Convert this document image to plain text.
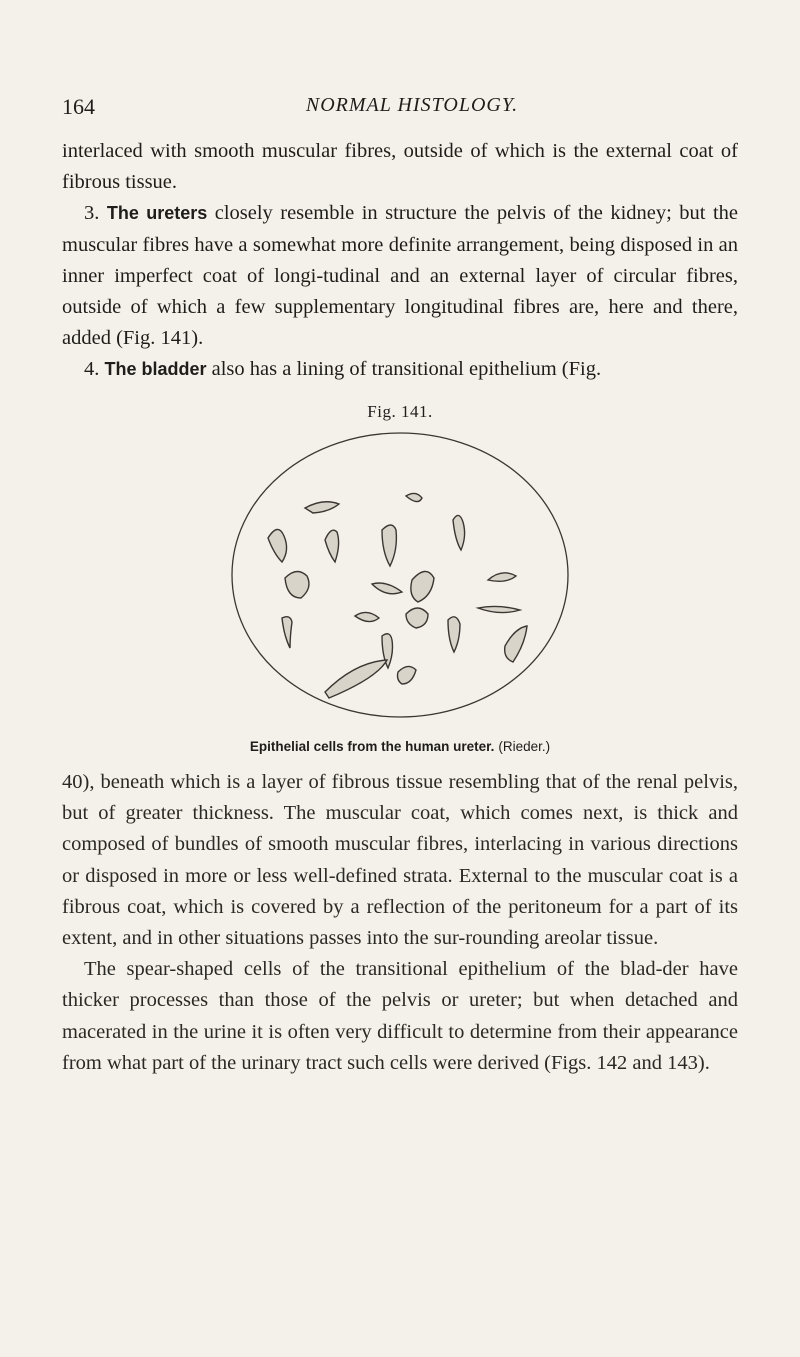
164	NORMAL HISTOLOGY.

interlaced with smooth muscular fibres, outside of which is the external coat of fibrous tissue.

3. The ureters closely resemble in structure the pelvis of the kidney; but the muscular fibres have a somewhat more definite arrangement, being disposed in an inner imperfect coat of longi-tudinal and an external layer of circular fibres, outside of which a few supplementary longitudinal fibres are, here and there, added (Fig. 141).

4. The bladder also has a lining of transitional epithelium (Fig.

Fig. 141.
Epithelial cells from the human ureter. (Rieder.)

40), beneath which is a layer of fibrous tissue resembling that of the renal pelvis, but of greater thickness. The muscular coat, which comes next, is thick and composed of bundles of smooth muscular fibres, interlacing in various directions or disposed in more or less well-defined strata. External to the muscular coat is a fibrous coat, which is covered by a reflection of the peritoneum for a part of its extent, and in other situations passes into the sur-rounding areolar tissue.

The spear-shaped cells of the transitional epithelium of the blad-der have thicker processes than those of the pelvis or ureter; but when detached and macerated in the urine it is often very difficult to determine from their appearance from what part of the urinary tract such cells were derived (Figs. 142 and 143).
